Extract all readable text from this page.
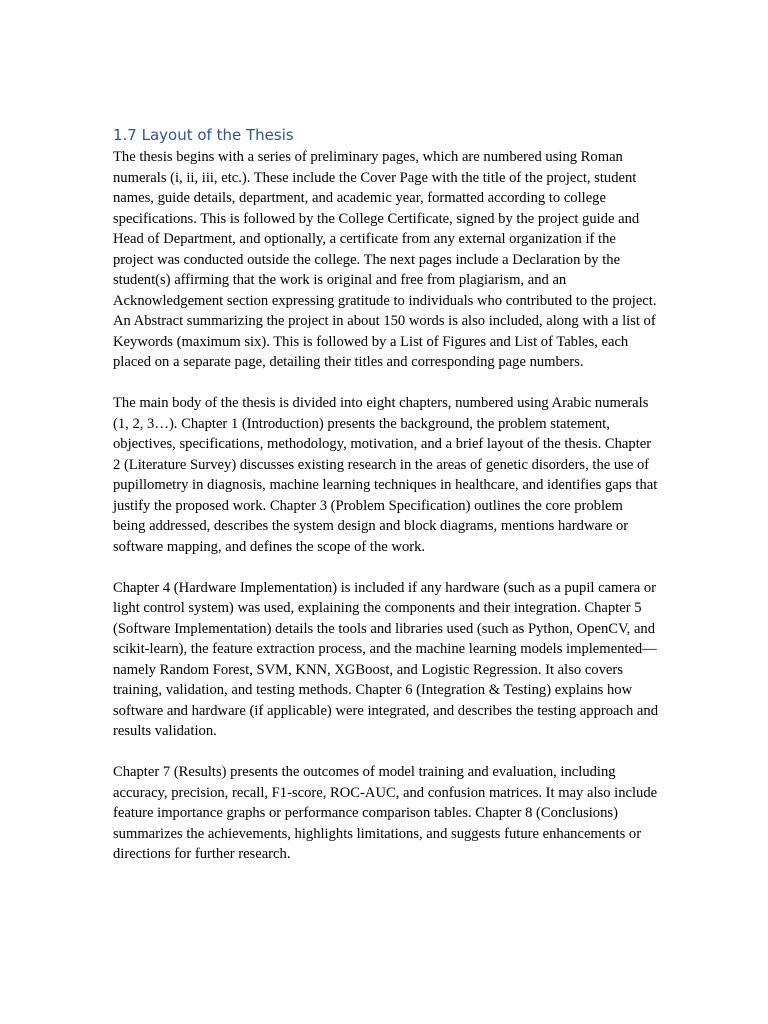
1.7 Layout of the Thesis

The thesis begins with a series of preliminary pages, which are numbered using Roman numerals (i, ii, iii, etc.). These include the Cover Page with the title of the project, student names, guide details, department, and academic year, formatted according to college specifications. This is followed by the College Certificate, signed by the project guide and Head of Department, and optionally, a certificate from any external organization if the project was conducted outside the college. The next pages include a Declaration by the student(s) affirming that the work is original and free from plagiarism, and an Acknowledgement section expressing gratitude to individuals who contributed to the project. An Abstract summarizing the project in about 150 words is also included, along with a list of Keywords (maximum six). This is followed by a List of Figures and List of Tables, each placed on a separate page, detailing their titles and corresponding page numbers.

The main body of the thesis is divided into eight chapters, numbered using Arabic numerals (1, 2, 3…). Chapter 1 (Introduction) presents the background, the problem statement, objectives, specifications, methodology, motivation, and a brief layout of the thesis. Chapter 2 (Literature Survey) discusses existing research in the areas of genetic disorders, the use of pupillometry in diagnosis, machine learning techniques in healthcare, and identifies gaps that justify the proposed work. Chapter 3 (Problem Specification) outlines the core problem being addressed, describes the system design and block diagrams, mentions hardware or software mapping, and defines the scope of the work.

Chapter 4 (Hardware Implementation) is included if any hardware (such as a pupil camera or light control system) was used, explaining the components and their integration. Chapter 5 (Software Implementation) details the tools and libraries used (such as Python, OpenCV, and scikit-learn), the feature extraction process, and the machine learning models implemented—namely Random Forest, SVM, KNN, XGBoost, and Logistic Regression. It also covers training, validation, and testing methods. Chapter 6 (Integration & Testing) explains how software and hardware (if applicable) were integrated, and describes the testing approach and results validation.

Chapter 7 (Results) presents the outcomes of model training and evaluation, including accuracy, precision, recall, F1-score, ROC-AUC, and confusion matrices. It may also include feature importance graphs or performance comparison tables. Chapter 8 (Conclusions) summarizes the achievements, highlights limitations, and suggests future enhancements or directions for further research.
